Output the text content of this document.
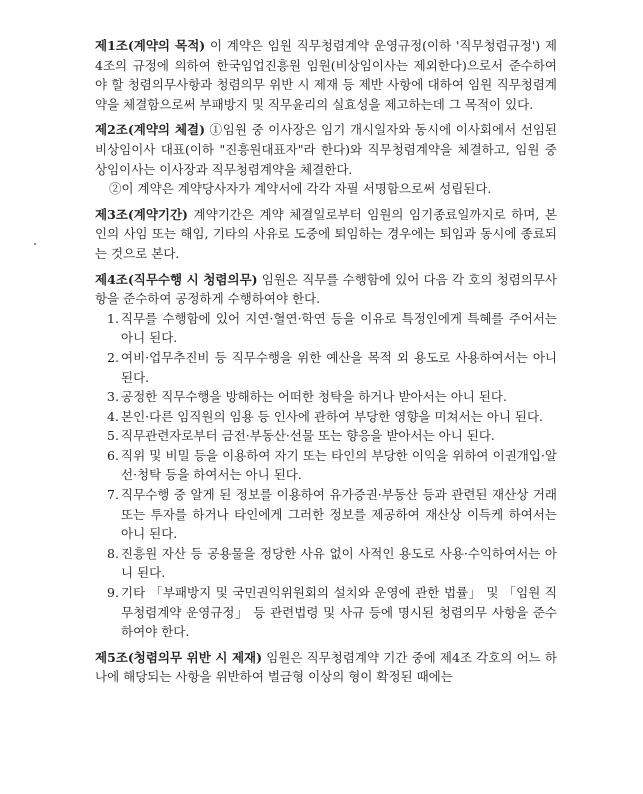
제1조(계약의 목적) 이 계약은 임원 직무청렴계약 운영규정(이하 '직무청렴규정') 제4조의 규정에 의하여 한국임업진흥원 임원(비상임이사는 제외한다)으로서 준수하여야 할 청렴의무사항과 청렴의무 위반 시 제재 등 제반 사항에 대하여 임원 직무청렴계약을 체결함으로써 부패방지 및 직무윤리의 실효성을 제고하는데 그 목적이 있다.

제2조(계약의 체결) ①임원 중 이사장은 임기 개시일자와 동시에 이사회에서 선임된 비상임이사 대표(이하 "진흥원대표자"라 한다)와 직무청렴계약을 체결하고, 임원 중 상임이사는 이사장과 직무청렴계약을 체결한다.

②이 계약은 계약당사자가 계약서에 각각 자필 서명함으로써 성립된다.

제3조(계약기간) 계약기간은 계약 체결일로부터 임원의 임기종료일까지로 하며, 본인의 사임 또는 해임, 기타의 사유로 도중에 퇴임하는 경우에는 퇴임과 동시에 종료되는 것으로 본다.

제4조(직무수행 시 청렴의무) 임원은 직무를 수행함에 있어 다음 각 호의 청렴의무사항을 준수하여 공정하게 수행하여야 한다.

1. 직무를 수행함에 있어 지연·혈연·학연 등을 이유로 특정인에게 특혜를 주어서는 아니 된다.
2. 여비·업무추진비 등 직무수행을 위한 예산을 목적 외 용도로 사용하여서는 아니 된다.
3. 공정한 직무수행을 방해하는 어떠한 청탁을 하거나 받아서는 아니 된다.
4. 본인·다른 임직원의 임용 등 인사에 관하여 부당한 영향을 미쳐서는 아니 된다.
5. 직무관련자로부터 금전·부동산·선물 또는 향응을 받아서는 아니 된다.
6. 직위 및 비밀 등을 이용하여 자기 또는 타인의 부당한 이익을 위하여 이권개입·알선·청탁 등을 하여서는 아니 된다.
7. 직무수행 중 알게 된 정보를 이용하여 유가증권·부동산 등과 관련된 재산상 거래 또는 투자를 하거나 타인에게 그러한 정보를 제공하여 재산상 이득케 하여서는 아니 된다.
8. 진흥원 자산 등 공용물을 정당한 사유 없이 사적인 용도로 사용·수익하여서는 아니 된다.
9. 기타 「부패방지 및 국민권익위원회의 설치와 운영에 관한 법률」 및 「임원 직무청렴계약 운영규정」 등 관련법령 및 사규 등에 명시된 청렴의무 사항을 준수하여야 한다.

제5조(청렴의무 위반 시 제재) 임원은 직무청렴계약 기간 중에 제4조 각호의 어느 하나에 해당되는 사항을 위반하여 벌금형 이상의 형이 확정된 때에는
